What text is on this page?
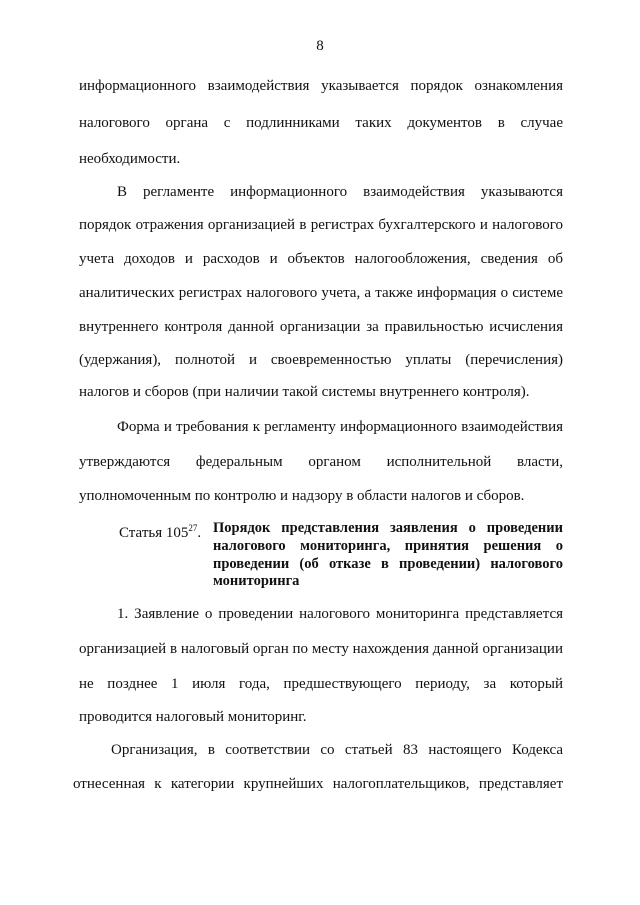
8
информационного взаимодействия указывается порядок ознакомления
налогового органа с подлинниками таких документов в случае
необходимости.
В регламенте информационного взаимодействия указываются
порядок отражения организацией в регистрах бухгалтерского и налогового
учета доходов и расходов и объектов налогообложения, сведения об
аналитических регистрах налогового учета, а также информация о системе
внутреннего контроля данной организации за правильностью исчисления
(удержания), полнотой и своевременностью уплаты (перечисления)
налогов и сборов (при наличии такой системы внутреннего контроля).
Форма и требования к регламенту информационного взаимодействия
утверждаются федеральным органом исполнительной власти,
уполномоченным по контролю и надзору в области налогов и сборов.
Статья $105^{27}$. Порядок представления заявления о проведении
налогового мониторинга, принятия решения о
проведении (об отказе в проведении) налогового
мониторинга
1. Заявление о проведении налогового мониторинга представляется
организацией в налоговый орган по месту нахождения данной организации
не позднее 1 июля года, предшествующего периоду, за который
проводится налоговый мониторинг.
Организация, в соответствии со статьей 83 настоящего Кодекса
отнесенная к категории крупнейших налогоплательщиков, представляет
